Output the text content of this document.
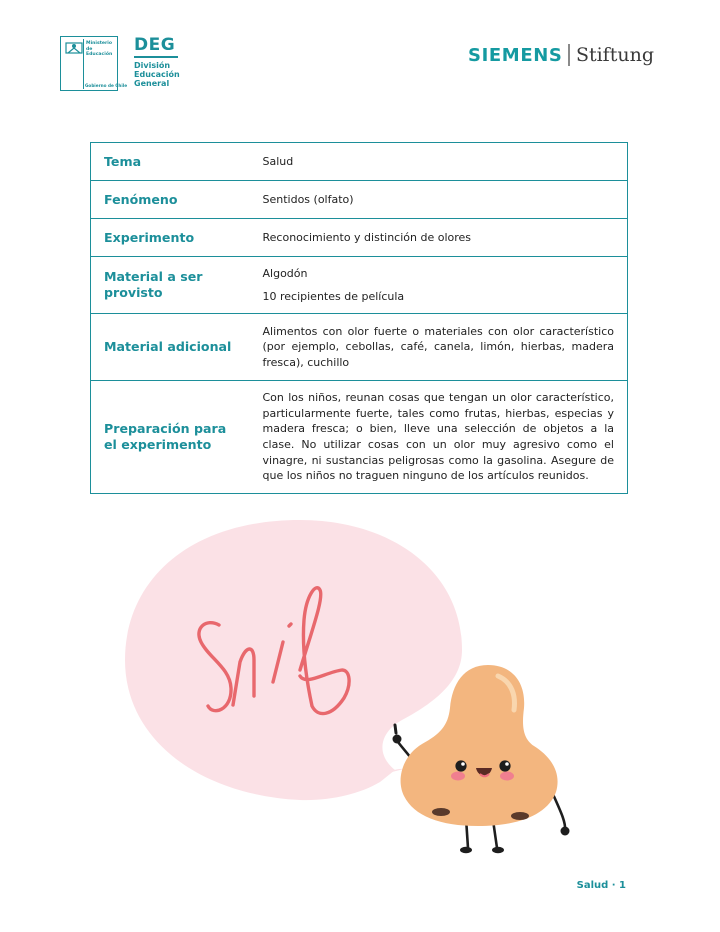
Ministerio de Educación
Gobierno de Chile
DEG
División
Educación
General
SIEMENS Stiftung
Tema	Salud
Fenómeno	Sentidos (olfato)
Experimento	Reconocimiento y distinción de olores
Material a ser provisto	Algodón
10 recipientes de película

Material adicional	Alimentos con olor fuerte o materiales con olor característico (por ejemplo, cebollas, café, canela, limón, hierbas, madera fresca), cuchillo
Preparación para el experimento	Con los niños, reunan cosas que tengan un olor característico, particularmente fuerte, tales como frutas, hierbas, especias y madera fresca; o bien, lleve una selección de objetos a la clase. No utilizar cosas con un olor muy agresivo como el vinagre, ni sustancias peligrosas como la gasolina. Asegure de que los niños no traguen ninguno de los artículos reunidos.
Salud · 1
